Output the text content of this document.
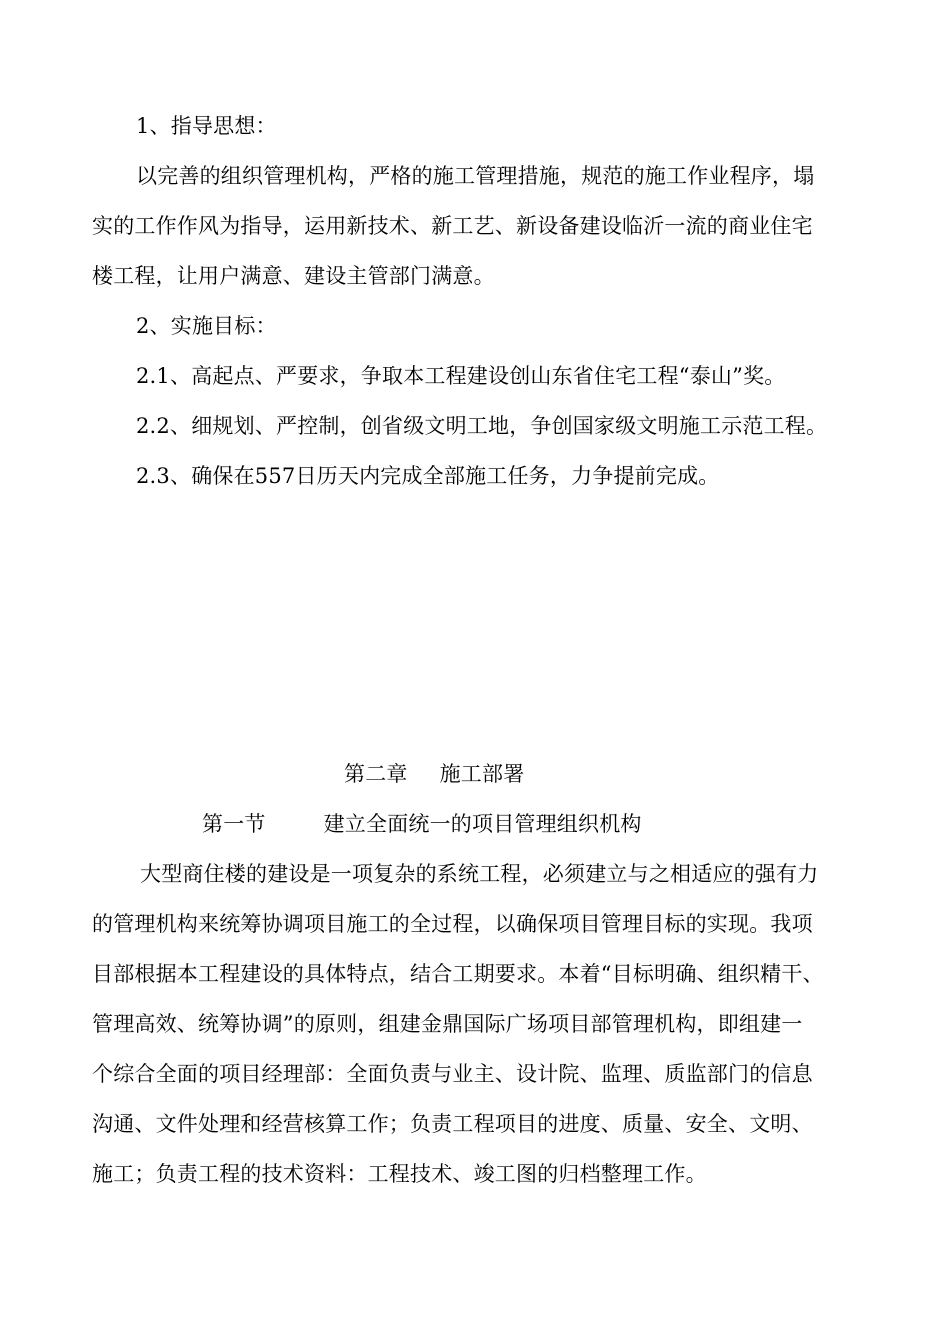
1、指导思想：
以完善的组织管理机构，严格的施工管理措施，规范的施工作业程序，塌
实的工作作风为指导，运用新技术、新工艺、新设备建设临沂一流的商业住宅
楼工程，让用户满意、建设主管部门满意。
2、实施目标：
2.1、高起点、严要求，争取本工程建设创山东省住宅工程“泰山”奖。
2.2、细规划、严控制，创省级文明工地，争创国家级文明施工示范工程。
2.3、确保在557日历天内完成全部施工任务，力争提前完成。
第二章 施工部署
第一节	建立全面统一的项目管理组织机构
大型商住楼的建设是一项复杂的系统工程，必须建立与之相适应的强有力
的管理机构来统筹协调项目施工的全过程，以确保项目管理目标的实现。我项
目部根据本工程建设的具体特点，结合工期要求。本着“目标明确、组织精干、
管理高效、统筹协调”的原则，组建金鼎国际广场项目部管理机构，即组建一
个综合全面的项目经理部：全面负责与业主、设计院、监理、质监部门的信息
沟通、文件处理和经营核算工作；负责工程项目的进度、质量、安全、文明、
施工；负责工程的技术资料：工程技术、竣工图的归档整理工作。
